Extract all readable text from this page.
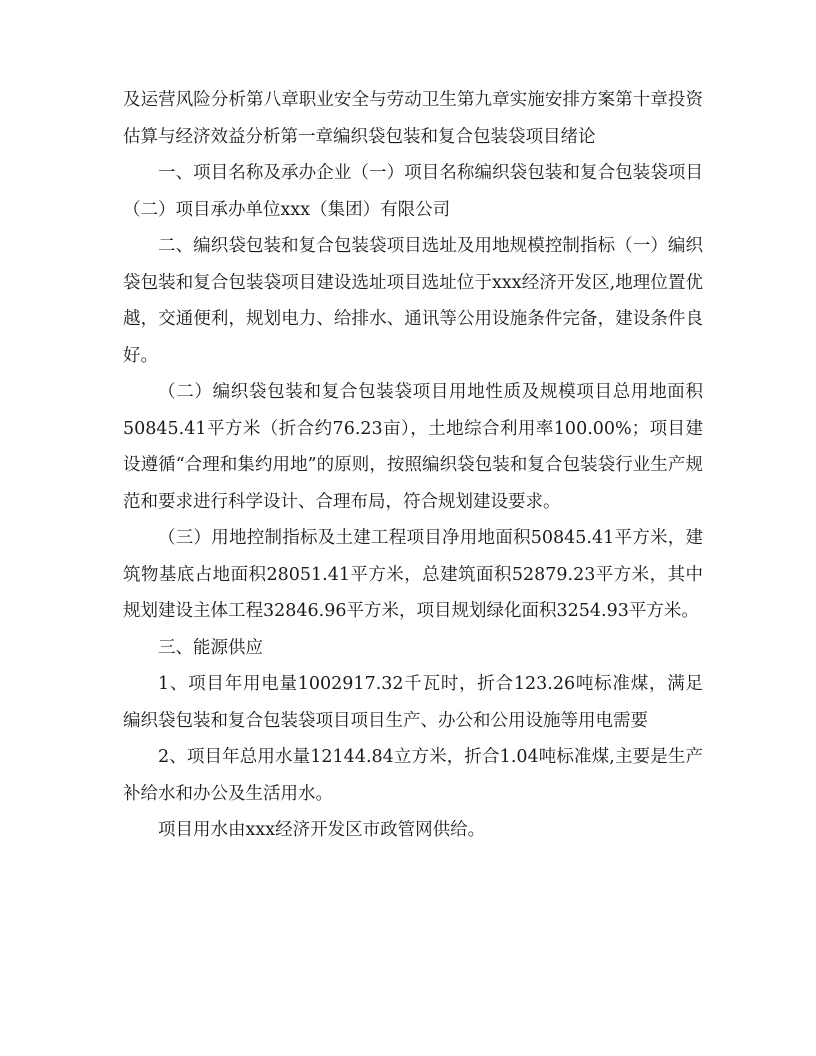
及运营风险分析第八章职业安全与劳动卫生第九章实施安排方案第十章投资估算与经济效益分析第一章编织袋包装和复合包装袋项目绪论

一、项目名称及承办企业（一）项目名称编织袋包装和复合包装袋项目（二）项目承办单位xxx（集团）有限公司

二、编织袋包装和复合包装袋项目选址及用地规模控制指标（一）编织袋包装和复合包装袋项目建设选址项目选址位于xxx经济开发区,地理位置优越，交通便利，规划电力、给排水、通讯等公用设施条件完备，建设条件良好。

（二）编织袋包装和复合包装袋项目用地性质及规模项目总用地面积50845.41平方米（折合约76.23亩），土地综合利用率100.00%；项目建设遵循“合理和集约用地”的原则，按照编织袋包装和复合包装袋行业生产规范和要求进行科学设计、合理布局，符合规划建设要求。

（三）用地控制指标及土建工程项目净用地面积50845.41平方米，建筑物基底占地面积28051.41平方米，总建筑面积52879.23平方米，其中规划建设主体工程32846.96平方米，项目规划绿化面积3254.93平方米。

三、能源供应

1、项目年用电量1002917.32千瓦时，折合123.26吨标准煤，满足编织袋包装和复合包装袋项目项目生产、办公和公用设施等用电需要

2、项目年总用水量12144.84立方米，折合1.04吨标准煤,主要是生产补给水和办公及生活用水。

项目用水由xxx经济开发区市政管网供给。
